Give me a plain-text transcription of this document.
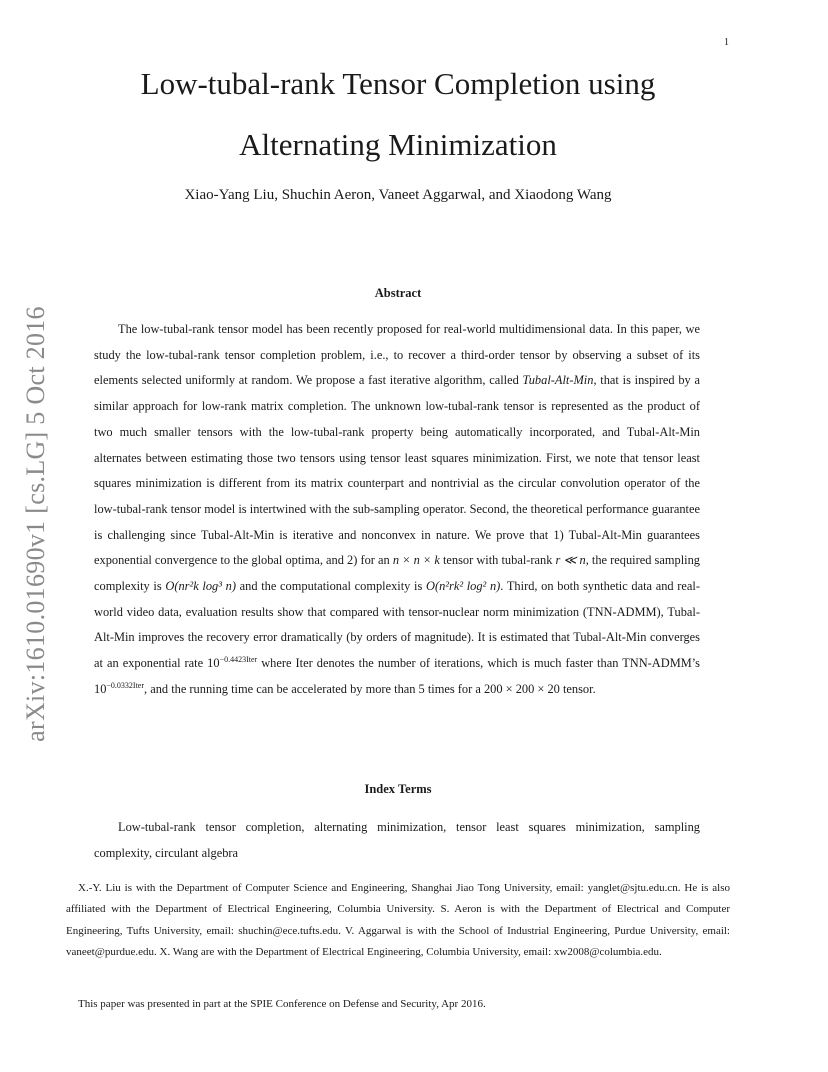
1
Low-tubal-rank Tensor Completion using
Alternating Minimization
Xiao-Yang Liu, Shuchin Aeron, Vaneet Aggarwal, and Xiaodong Wang
arXiv:1610.01690v1 [cs.LG] 5 Oct 2016
Abstract

The low-tubal-rank tensor model has been recently proposed for real-world multidimensional data. In this paper, we study the low-tubal-rank tensor completion problem, i.e., to recover a third-order tensor by observing a subset of its elements selected uniformly at random. We propose a fast iterative algorithm, called Tubal-Alt-Min, that is inspired by a similar approach for low-rank matrix completion. The unknown low-tubal-rank tensor is represented as the product of two much smaller tensors with the low-tubal-rank property being automatically incorporated, and Tubal-Alt-Min alternates between estimating those two tensors using tensor least squares minimization. First, we note that tensor least squares minimization is different from its matrix counterpart and nontrivial as the circular convolution operator of the low-tubal-rank tensor model is intertwined with the sub-sampling operator. Second, the theoretical performance guarantee is challenging since Tubal-Alt-Min is iterative and nonconvex in nature. We prove that 1) Tubal-Alt-Min guarantees exponential convergence to the global optima, and 2) for an n × n × k tensor with tubal-rank r ≪ n, the required sampling complexity is O(nr²k log³ n) and the computational complexity is O(n²rk² log² n). Third, on both synthetic data and real-world video data, evaluation results show that compared with tensor-nuclear norm minimization (TNN-ADMM), Tubal-Alt-Min improves the recovery error dramatically (by orders of magnitude). It is estimated that Tubal-Alt-Min converges at an exponential rate $10^{-0.4423Iter}$ where Iter denotes the number of iterations, which is much faster than TNN-ADMM’s $10^{-0.0332Iter}$, and the running time can be accelerated by more than 5 times for a 200 × 200 × 20 tensor.

Index Terms

Low-tubal-rank tensor completion, alternating minimization, tensor least squares minimization, sampling complexity, circulant algebra

X.-Y. Liu is with the Department of Computer Science and Engineering, Shanghai Jiao Tong University, email: yanglet@sjtu.edu.cn. He is also affiliated with the Department of Electrical Engineering, Columbia University. S. Aeron is with the Department of Electrical and Computer Engineering, Tufts University, email: shuchin@ece.tufts.edu. V. Aggarwal is with the School of Industrial Engineering, Purdue University, email: vaneet@purdue.edu. X. Wang are with the Department of Electrical Engineering, Columbia University, email: xw2008@columbia.edu.

This paper was presented in part at the SPIE Conference on Defense and Security, Apr 2016.
